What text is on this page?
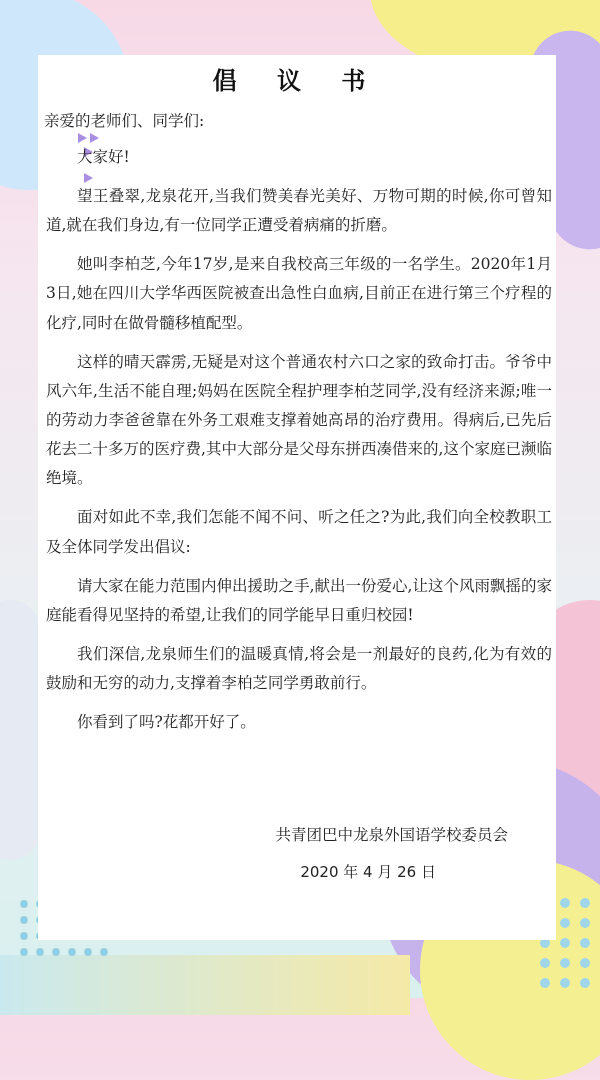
倡 议 书
亲爱的老师们、同学们:

大家好!

望王叠翠,龙泉花开,当我们赞美春光美好、万物可期的时候,你可曾知道,就在我们身边,有一位同学正遭受着病痛的折磨。

她叫李柏芝,今年17岁,是来自我校高三年级的一名学生。2020年1月3日,她在四川大学华西医院被查出急性白血病,目前正在进行第三个疗程的化疗,同时在做骨髓移植配型。

这样的晴天霹雳,无疑是对这个普通农村六口之家的致命打击。爷爷中风六年,生活不能自理;妈妈在医院全程护理李柏芝同学,没有经济来源;唯一的劳动力李爸爸靠在外务工艰难支撑着她高昂的治疗费用。得病后,已先后花去二十多万的医疗费,其中大部分是父母东拼西凑借来的,这个家庭已濒临绝境。

面对如此不幸,我们怎能不闻不问、听之任之?为此,我们向全校教职工及全体同学发出倡议:

请大家在能力范围内伸出援助之手,献出一份爱心,让这个风雨飘摇的家庭能看得见坚持的希望,让我们的同学能早日重归校园!

我们深信,龙泉师生们的温暖真情,将会是一剂最好的良药,化为有效的鼓励和无穷的动力,支撑着李柏芝同学勇敢前行。

你看到了吗?花都开好了。

共青团巴中龙泉外国语学校委员会
2020 年 4 月 26 日
